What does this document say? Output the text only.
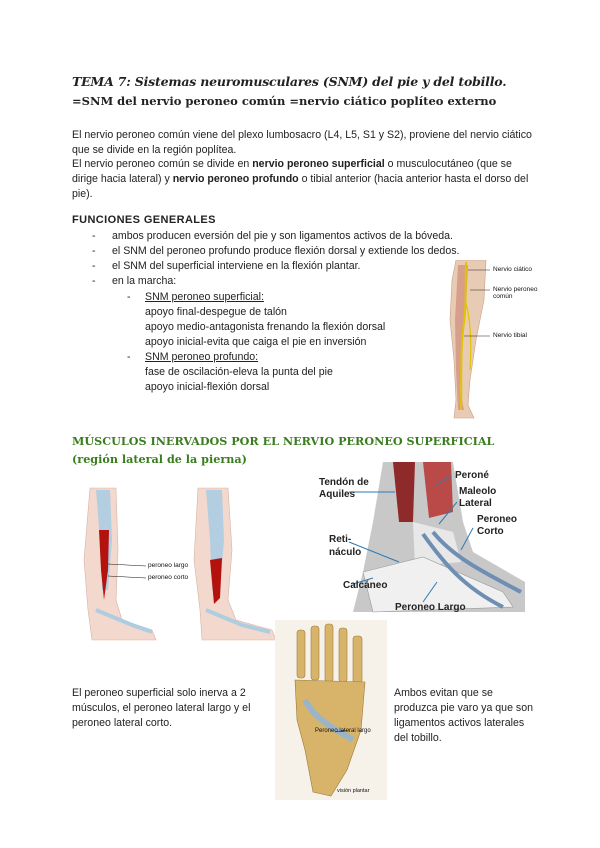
TEMA 7: Sistemas neuromusculares (SNM) del pie y del tobillo.
=SNM del nervio peroneo común =nervio ciático poplíteo externo
El nervio peroneo común viene del plexo lumbosacro (L4, L5, S1 y S2), proviene del nervio ciático que se divide en la región poplítea.
El nervio peroneo común se divide en nervio peroneo superficial o musculocutáneo (que se dirige hacia lateral) y nervio peroneo profundo o tibial anterior (hacia anterior hasta el dorso del pie).
FUNCIONES GENERALES
- ambos producen eversión del pie y son ligamentos activos de la bóveda.
- el SNM del peroneo profundo produce flexión dorsal y extiende los dedos.
- el SNM del superficial interviene en la flexión plantar.
- en la marcha:
- SNM peroneo superficial:
apoyo final-despegue de talón
apoyo medio-antagonista frenando la flexión dorsal
apoyo inicial-evita que caiga el pie en inversión
- SNM peroneo profundo:
fase de oscilación-eleva la punta del pie
apoyo inicial-flexión dorsal
Nervio ciático
Nervio peroneo común
Nervio tibial
MÚSCULOS INERVADOS POR EL NERVIO PERONEO SUPERFICIAL
(región lateral de la pierna)
peroneo largo
peroneo corto
Tendón de Aquiles
Peroné
Maleolo Lateral
Peroneo Corto
Reti-
náculo
Calcáneo
Peroneo Largo
Peroneo lateral largo
visión plantar
El peroneo superficial solo inerva a 2 músculos, el peroneo lateral largo y el peroneo lateral corto.
Ambos evitan que se produzca pie varo ya que son ligamentos activos laterales del tobillo.
